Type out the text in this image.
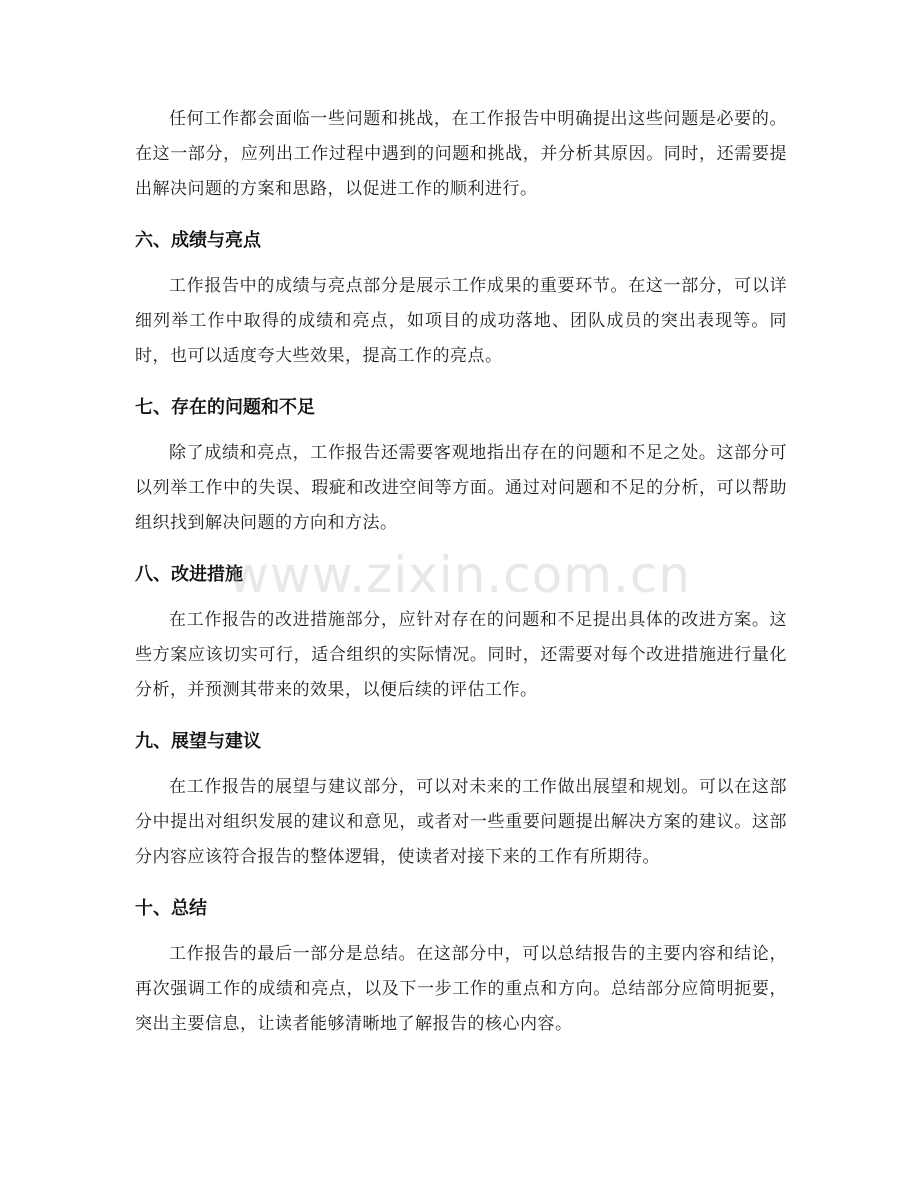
任何工作都会面临一些问题和挑战，在工作报告中明确提出这些问题是必要的。在这一部分，应列出工作过程中遇到的问题和挑战，并分析其原因。同时，还需要提出解决问题的方案和思路，以促进工作的顺利进行。

六、成绩与亮点

工作报告中的成绩与亮点部分是展示工作成果的重要环节。在这一部分，可以详细列举工作中取得的成绩和亮点，如项目的成功落地、团队成员的突出表现等。同时，也可以适度夸大些效果，提高工作的亮点。

七、存在的问题和不足

除了成绩和亮点，工作报告还需要客观地指出存在的问题和不足之处。这部分可以列举工作中的失误、瑕疵和改进空间等方面。通过对问题和不足的分析，可以帮助组织找到解决问题的方向和方法。

八、改进措施

在工作报告的改进措施部分，应针对存在的问题和不足提出具体的改进方案。这些方案应该切实可行，适合组织的实际情况。同时，还需要对每个改进措施进行量化分析，并预测其带来的效果，以便后续的评估工作。

九、展望与建议

在工作报告的展望与建议部分，可以对未来的工作做出展望和规划。可以在这部分中提出对组织发展的建议和意见，或者对一些重要问题提出解决方案的建议。这部分内容应该符合报告的整体逻辑，使读者对接下来的工作有所期待。

十、总结

工作报告的最后一部分是总结。在这部分中，可以总结报告的主要内容和结论，再次强调工作的成绩和亮点，以及下一步工作的重点和方向。总结部分应简明扼要，突出主要信息，让读者能够清晰地了解报告的核心内容。

www.zixin.com.cn
